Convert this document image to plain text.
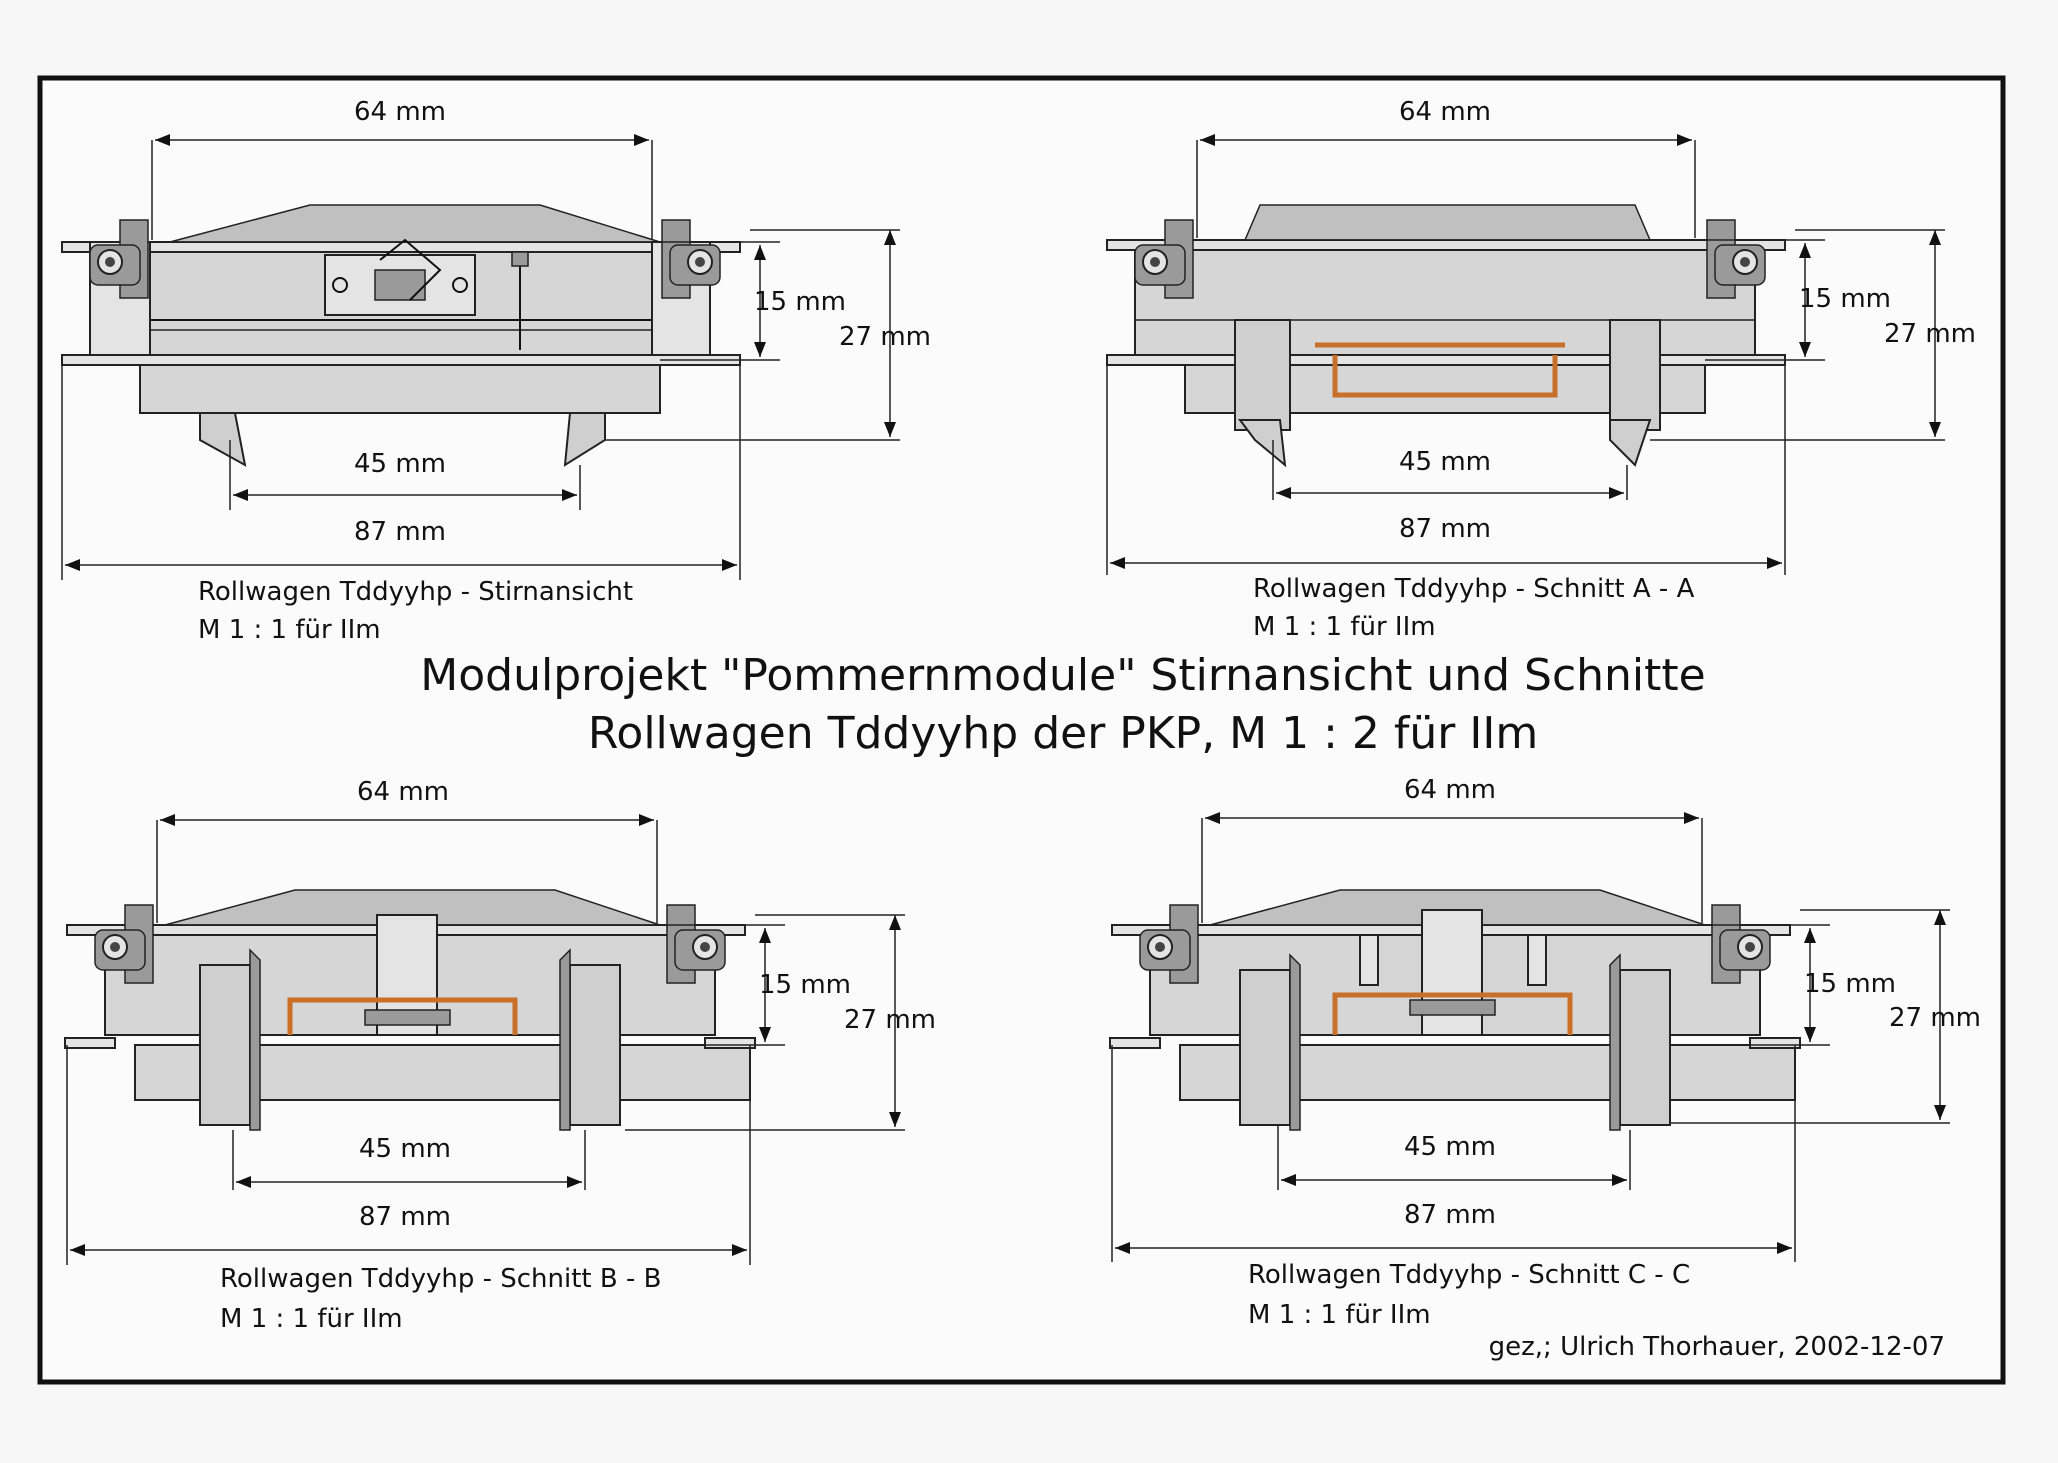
64 mm
15 mm
27 mm
45 mm
87 mm
Rollwagen Tddyyhp - Stirnansicht
M 1 : 1 für IIm
64 mm
15 mm
27 mm
45 mm
87 mm
Rollwagen Tddyyhp - Schnitt A - A
M 1 : 1 für IIm
Modulprojekt "Pommernmodule" Stirnansicht und Schnitte
Rollwagen Tddyyhp der PKP, M 1 : 2 für IIm
64 mm
15 mm
27 mm
45 mm
87 mm
Rollwagen Tddyyhp - Schnitt B - B
M 1 : 1 für IIm
64 mm
15 mm
27 mm
45 mm
87 mm
Rollwagen Tddyyhp - Schnitt C - C
M 1 : 1 für IIm
gez,; Ulrich Thorhauer, 2002-12-07
